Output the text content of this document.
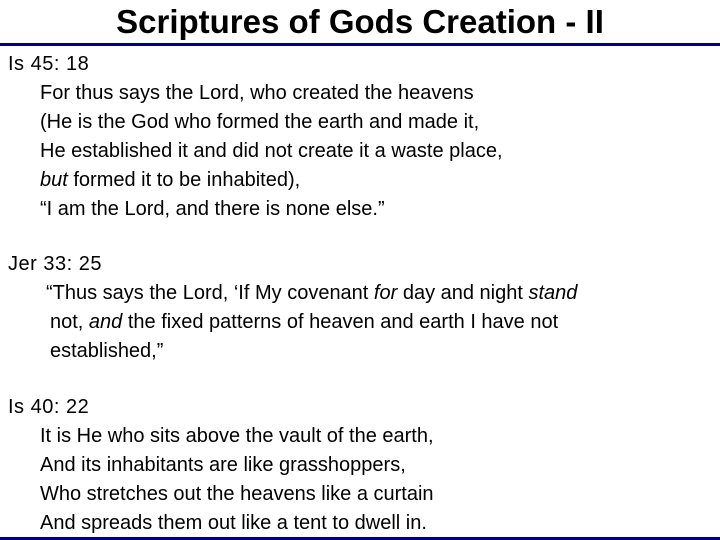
Scriptures of Gods Creation - II
Is 45: 18
For thus says the Lord, who created the heavens
(He is the God who formed the earth and made it,
He established it and did not create it a waste place,
but formed it to be inhabited),
“I am the Lord, and there is none else.”
Jer 33: 25
“Thus says the Lord, ‘If My covenant for day and night stand
not, and the fixed patterns of heaven and earth I have not
established,”
Is 40: 22
It is He who sits above the vault of the earth,
And its inhabitants are like grasshoppers,
Who stretches out the heavens like a curtain
And spreads them out like a tent to dwell in.
